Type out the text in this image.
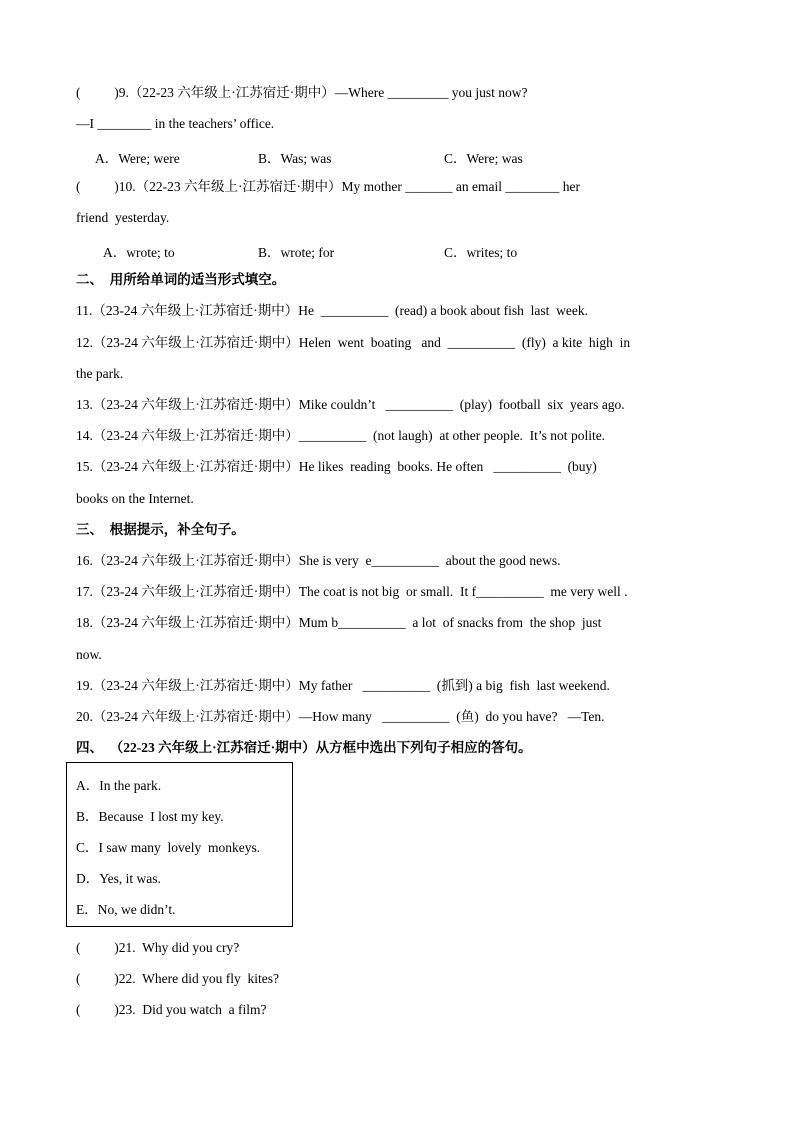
(          )9.（22-23 六年级上·江苏宿迁·期中）—Where _________ you just now?
—I ________ in the teachers’ office.
A．Were; were	B．Was; was	C．Were; was
(          )10.（22-23 六年级上·江苏宿迁·期中）My mother _______ an email ________ her
friend  yesterday.
A．wrote; to	B．wrote; for	C．writes; to
二、  用所给单词的适当形式填空。
11.（23-24 六年级上·江苏宿迁·期中）He  __________  (read) a book about fish  last  week.
12.（23-24 六年级上·江苏宿迁·期中）Helen  went  boating   and  __________  (fly)  a kite  high  in
the park.
13.（23-24 六年级上·江苏宿迁·期中）Mike couldn’t   __________  (play)  football  six  years ago.
14.（23-24 六年级上·江苏宿迁·期中）__________  (not laugh)  at other people.  It’s not polite.
15.（23-24 六年级上·江苏宿迁·期中）He likes  reading  books. He often   __________  (buy)
books on the Internet.
三、  根据提示，补全句子。
16.（23-24 六年级上·江苏宿迁·期中）She is very  e__________  about the good news.
17.（23-24 六年级上·江苏宿迁·期中）The coat is not big  or small.  It f__________  me very well .
18.（23-24 六年级上·江苏宿迁·期中）Mum b__________  a lot  of snacks from  the shop  just
now.
19.（23-24 六年级上·江苏宿迁·期中）My father   __________  (抓到) a big  fish  last weekend.
20.（23-24 六年级上·江苏宿迁·期中）—How many   __________  (鱼)  do you have?   —Ten.
四、  （22-23 六年级上·江苏宿迁·期中）从方框中选出下列句子相应的答句。
A．In the park.
B．Because  I lost my key.
C．I saw many  lovely  monkeys.
D．Yes, it was.
E．No, we didn’t.
(          )21.  Why did you cry?
(          )22.  Where did you fly  kites?
(          )23.  Did you watch  a film?
